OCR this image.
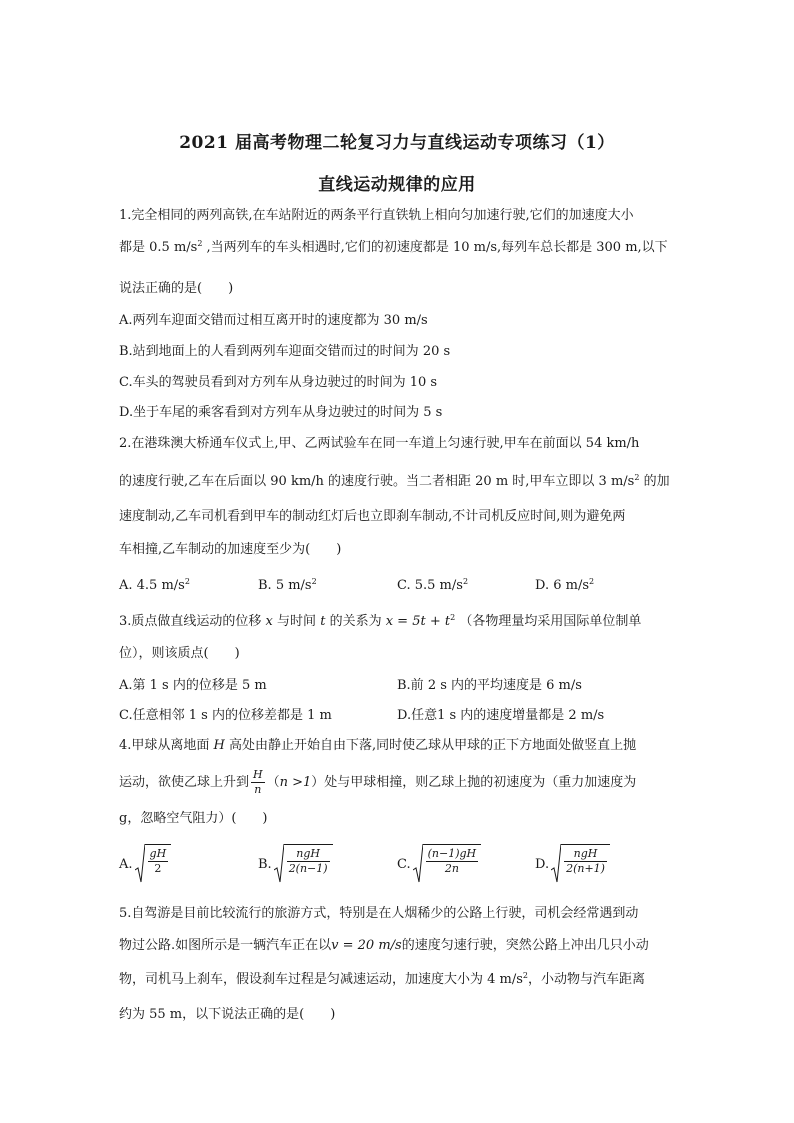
2021 届高考物理二轮复习力与直线运动专项练习（1）
直线运动规律的应用
1.完全相同的两列高铁,在车站附近的两条平行直铁轨上相向匀加速行驶,它们的加速度大小
都是 0.5 $m/s^2$ ,当两列车的车头相遇时,它们的初速度都是 10 m/s,每列车总长都是 300 m,以下
说法正确的是(　　)
A.两列车迎面交错而过相互离开时的速度都为 30 m/s
B.站到地面上的人看到两列车迎面交错而过的时间为 20 s
C.车头的驾驶员看到对方列车从身边驶过的时间为 10 s
D.坐于车尾的乘客看到对方列车从身边驶过的时间为 5 s
2.在港珠澳大桥通车仪式上,甲、乙两试验车在同一车道上匀速行驶,甲车在前面以 54 km/h
的速度行驶,乙车在后面以 90 km/h 的速度行驶。当二者相距 20 m 时,甲车立即以 3 $m/s^2$ 的加
速度制动,乙车司机看到甲车的制动红灯后也立即刹车制动,不计司机反应时间,则为避免两
车相撞,乙车制动的加速度至少为(　　)
A. 4.5 $m/s^2$	B. 5 $m/s^2$	C. 5.5 $m/s^2$	D. 6 $m/s^2$
3.质点做直线运动的位移 x 与时间 t 的关系为 $x = 5t + t^2$ （各物理量均采用国际单位制单
位），则该质点(　　)
A.第 1 s 内的位移是 5 m	B.前 2 s 内的平均速度是 6 m/s
C.任意相邻 1 s 内的位移差都是 1 m	D.任意1 s 内的速度增量都是 2 m/s
4.甲球从离地面 H 高处由静止开始自由下落,同时使乙球从甲球的正下方地面处做竖直上抛
运动，欲使乙球上升到 $\frac{H}{n} (n >1)$处与甲球相撞，则乙球上抛的初速度为（重力加速度为
g，忽略空气阻力）(　　)
A. $\frac{gH}{2}$	B. $\frac{\text{ngH}}{2(n-1)}$	C. $\frac{(n-1)gH}{2n}$	D. $\frac{\text{ngH}}{2(n+1)}$
5.自驾游是目前比较流行的旅游方式，特别是在人烟稀少的公路上行驶，司机会经常遇到动
物过公路.如图所示是一辆汽车正在以v = 20 m/s的速度匀速行驶，突然公路上冲出几只小动
物，司机马上刹车，假设刹车过程是匀减速运动，加速度大小为 4 $m/s^2$，小动物与汽车距离
约为 55 m，以下说法正确的是(　　)
